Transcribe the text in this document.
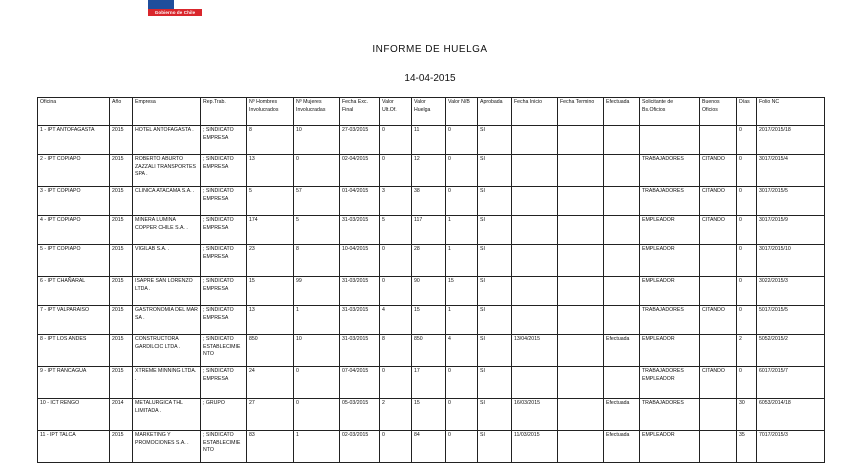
Gobierno de Chile
INFORME DE HUELGA
14-04-2015
Oficina	Año	Empresa	Rep.Trab.	Nº Hombres Involucrados	Nº Mujeres Involucradas	Fecha Exc. Final	Valor Ult.Of.	Valor Huelga	Valor N/B	Aprobada	Fecha Inicio	Fecha Termino	Efectuada	Solicitante de Bs.Oficios	Buenos Oficios	Días	Folio NC
1 - IPT ANTOFAGASTA	2015	HOTEL ANTOFAGASTA .	; SINDICATO EMPRESA	8	10	27-03/2015	0	11	0	SI						0	2017/2015/18
2 - IPT COPIAPO	2015	ROBERTO ABURTO ZAZZALI TRANSPORTES SPA .	; SINDICATO EMPRESA	13	0	02-04/2015	0	12	0	SI				TRABAJADORES	CITANDO	0	3017/2015/4
3 - IPT COPIAPO	2015	CLINICA ATACAMA S.A. .	; SINDICATO EMPRESA	5	57	01-04/2015	3	38	0	SI				TRABAJADORES	CITANDO	0	3017/2015/5
4 - IPT COPIAPO	2015	MINERA LUMINA COPPER CHILE S.A. .	; SINDICATO EMPRESA	174	5	31-03/2015	5	117	1	SI				EMPLEADOR	CITANDO	0	3017/2015/9
5 - IPT COPIAPO	2015	VIGILAB S.A. .	; SINDICATO EMPRESA	23	8	10-04/2015	0	28	1	SI				EMPLEADOR		0	3017/2015/10
6 - IPT CHAÑARAL	2015	ISAPRE SAN LORENZO LTDA .	; SINDICATO EMPRESA	15	99	31-03/2015	0	90	15	SI				EMPLEADOR		0	3022/2015/3
7 - IPT VALPARAISO	2015	GASTRONOMIA DEL MAR SA .	; SINDICATO EMPRESA	13	1	31-03/2015	4	15	1	SI				TRABAJADORES	CITANDO	0	5017/2015/5
8 - IPT LOS ANDES	2015	CONSTRUCTORA GARDILCIC LTDA .	; SINDICATO ESTABLECIMIENTO	850	10	31-03/2015	8	850	4	SI	13/04/2015		Efectuada	EMPLEADOR		2	5052/2015/2
9 - IPT RANCAGUA	2015	XTREME MINNING LTDA. .	; SINDICATO EMPRESA	24	0	07-04/2015	0	17	0	SI				TRABAJADORES EMPLEADOR	CITANDO	0	6017/2015/7
10 - ICT RENGO	2014	METALURGICA THL LIMITADA .	; GRUPO	27	0	05-03/2015	2	15	0	SI	16/03/2015		Efectuada	TRABAJADORES		30	6053/2014/18
11 - IPT TALCA	2015	MARKETING Y PROMOCIONES S.A. .	; SINDICATO ESTABLECIMIENTO	83	1	02-03/2015	0	84	0	SI	11/03/2015		Efectuada	EMPLEADOR		35	7017/2015/3
